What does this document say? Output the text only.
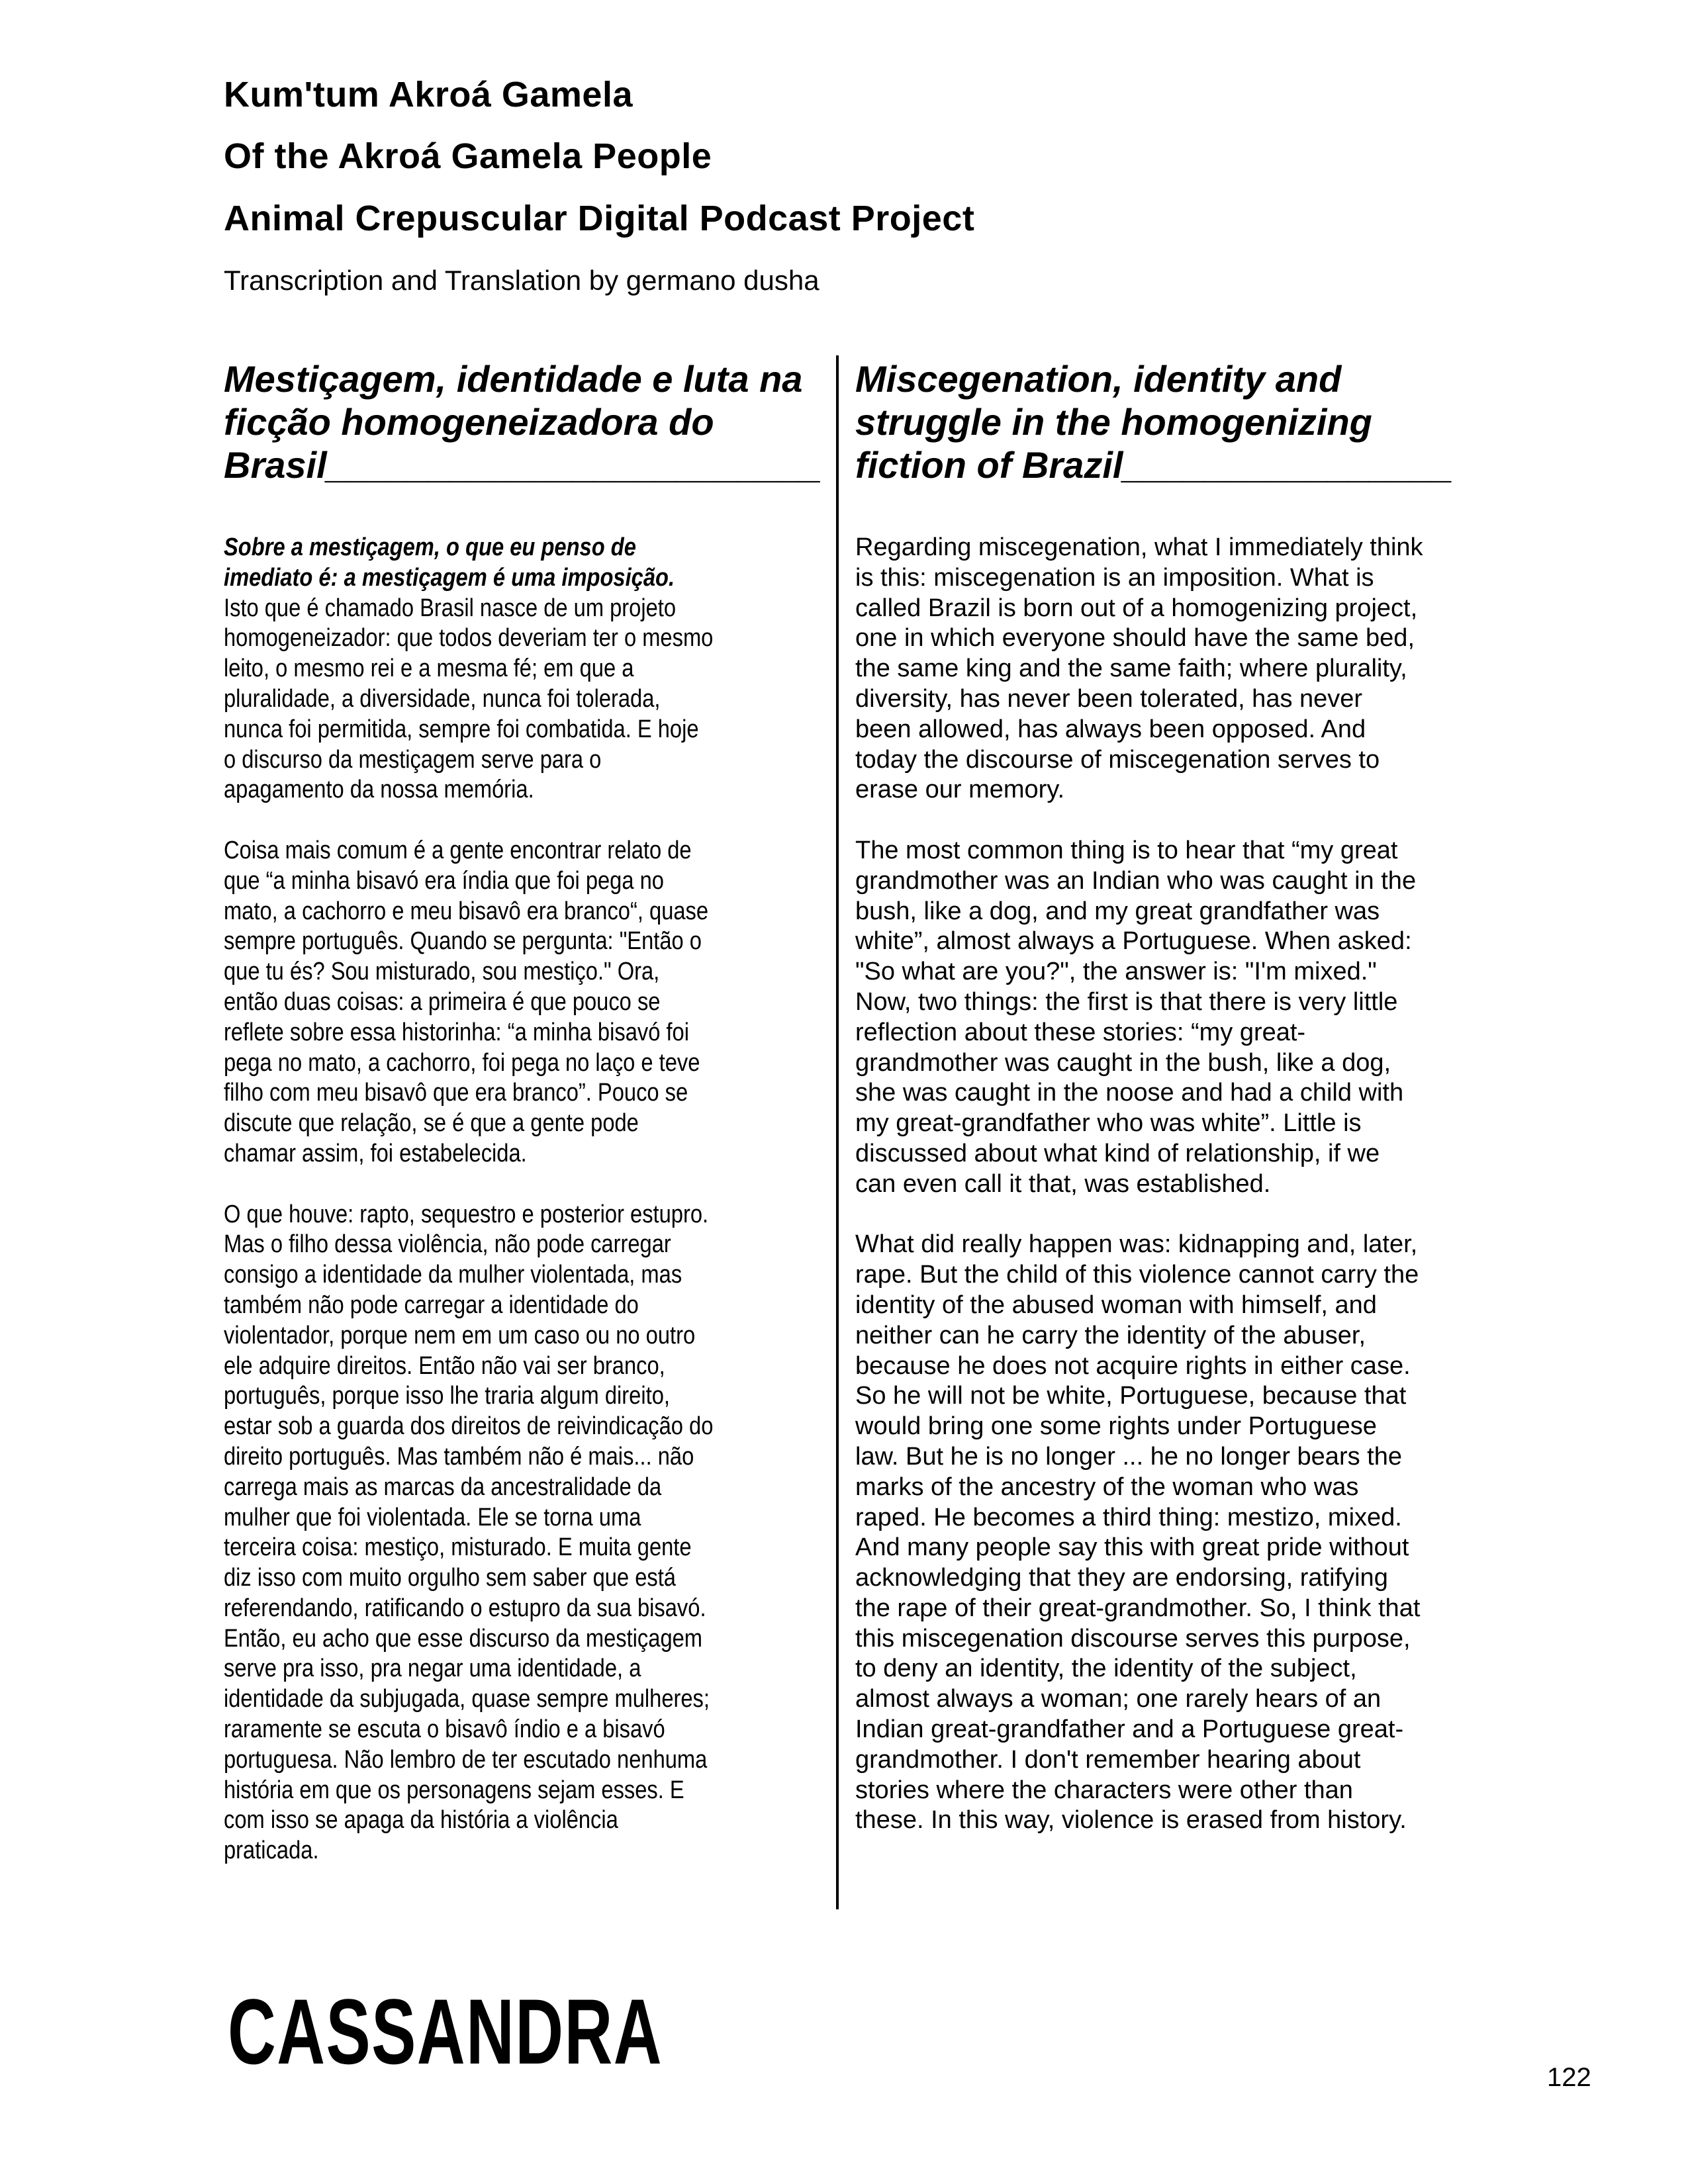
Kum'tum Akroá Gamela
Of the Akroá Gamela People
Animal Crepuscular Digital Podcast Project
Transcription and Translation by germano dusha
Mestiçagem, identidade e luta na
ficção homogeneizadora do
Brasil________________________
Sobre a mestiçagem, o que eu penso de
imediato é: a mestiçagem é uma imposição.
Isto que é chamado Brasil nasce de um projeto
homogeneizador: que todos deveriam ter o mesmo
leito, o mesmo rei e a mesma fé; em que a
pluralidade, a diversidade, nunca foi tolerada,
nunca foi permitida, sempre foi combatida. E hoje
o discurso da mestiçagem serve para o
apagamento da nossa memória.
Coisa mais comum é a gente encontrar relato de
que “a minha bisavó era índia que foi pega no
mato, a cachorro e meu bisavô era branco“, quase
sempre português. Quando se pergunta: "Então o
que tu és? Sou misturado, sou mestiço." Ora,
então duas coisas: a primeira é que pouco se
reflete sobre essa historinha: “a minha bisavó foi
pega no mato, a cachorro, foi pega no laço e teve
filho com meu bisavô que era branco”. Pouco se
discute que relação, se é que a gente pode
chamar assim, foi estabelecida.
O que houve: rapto, sequestro e posterior estupro.
Mas o filho dessa violência, não pode carregar
consigo a identidade da mulher violentada, mas
também não pode carregar a identidade do
violentador, porque nem em um caso ou no outro
ele adquire direitos. Então não vai ser branco,
português, porque isso lhe traria algum direito,
estar sob a guarda dos direitos de reivindicação do
direito português. Mas também não é mais... não
carrega mais as marcas da ancestralidade da
mulher que foi violentada. Ele se torna uma
terceira coisa: mestiço, misturado. E muita gente
diz isso com muito orgulho sem saber que está
referendando, ratificando o estupro da sua bisavó.
Então, eu acho que esse discurso da mestiçagem
serve pra isso, pra negar uma identidade, a
identidade da subjugada, quase sempre mulheres;
raramente se escuta o bisavô índio e a bisavó
portuguesa. Não lembro de ter escutado nenhuma
história em que os personagens sejam esses. E
com isso se apaga da história a violência
praticada.
Miscegenation, identity and
struggle in the homogenizing
fiction of Brazil________________
Regarding miscegenation, what I immediately think
is this: miscegenation is an imposition. What is
called Brazil is born out of a homogenizing project,
one in which everyone should have the same bed,
the same king and the same faith; where plurality,
diversity, has never been tolerated, has never
been allowed, has always been opposed. And
today the discourse of miscegenation serves to
erase our memory.
The most common thing is to hear that “my great
grandmother was an Indian who was caught in the
bush, like a dog, and my great grandfather was
white”, almost always a Portuguese. When asked:
"So what are you?", the answer is: "I'm mixed."
Now, two things: the first is that there is very little
reflection about these stories: “my great-
grandmother was caught in the bush, like a dog,
she was caught in the noose and had a child with
my great-grandfather who was white”. Little is
discussed about what kind of relationship, if we
can even call it that, was established.
What did really happen was: kidnapping and, later,
rape. But the child of this violence cannot carry the
identity of the abused woman with himself, and
neither can he carry the identity of the abuser,
because he does not acquire rights in either case.
So he will not be white, Portuguese, because that
would bring one some rights under Portuguese
law. But he is no longer ... he no longer bears the
marks of the ancestry of the woman who was
raped. He becomes a third thing: mestizo, mixed.
And many people say this with great pride without
acknowledging that they are endorsing, ratifying
the rape of their great-grandmother. So, I think that
this miscegenation discourse serves this purpose,
to deny an identity, the identity of the subject,
almost always a woman; one rarely hears of an
Indian great-grandfather and a Portuguese great-
grandmother. I don't remember hearing about
stories where the characters were other than
these. In this way, violence is erased from history.
CASSANDRA	122
